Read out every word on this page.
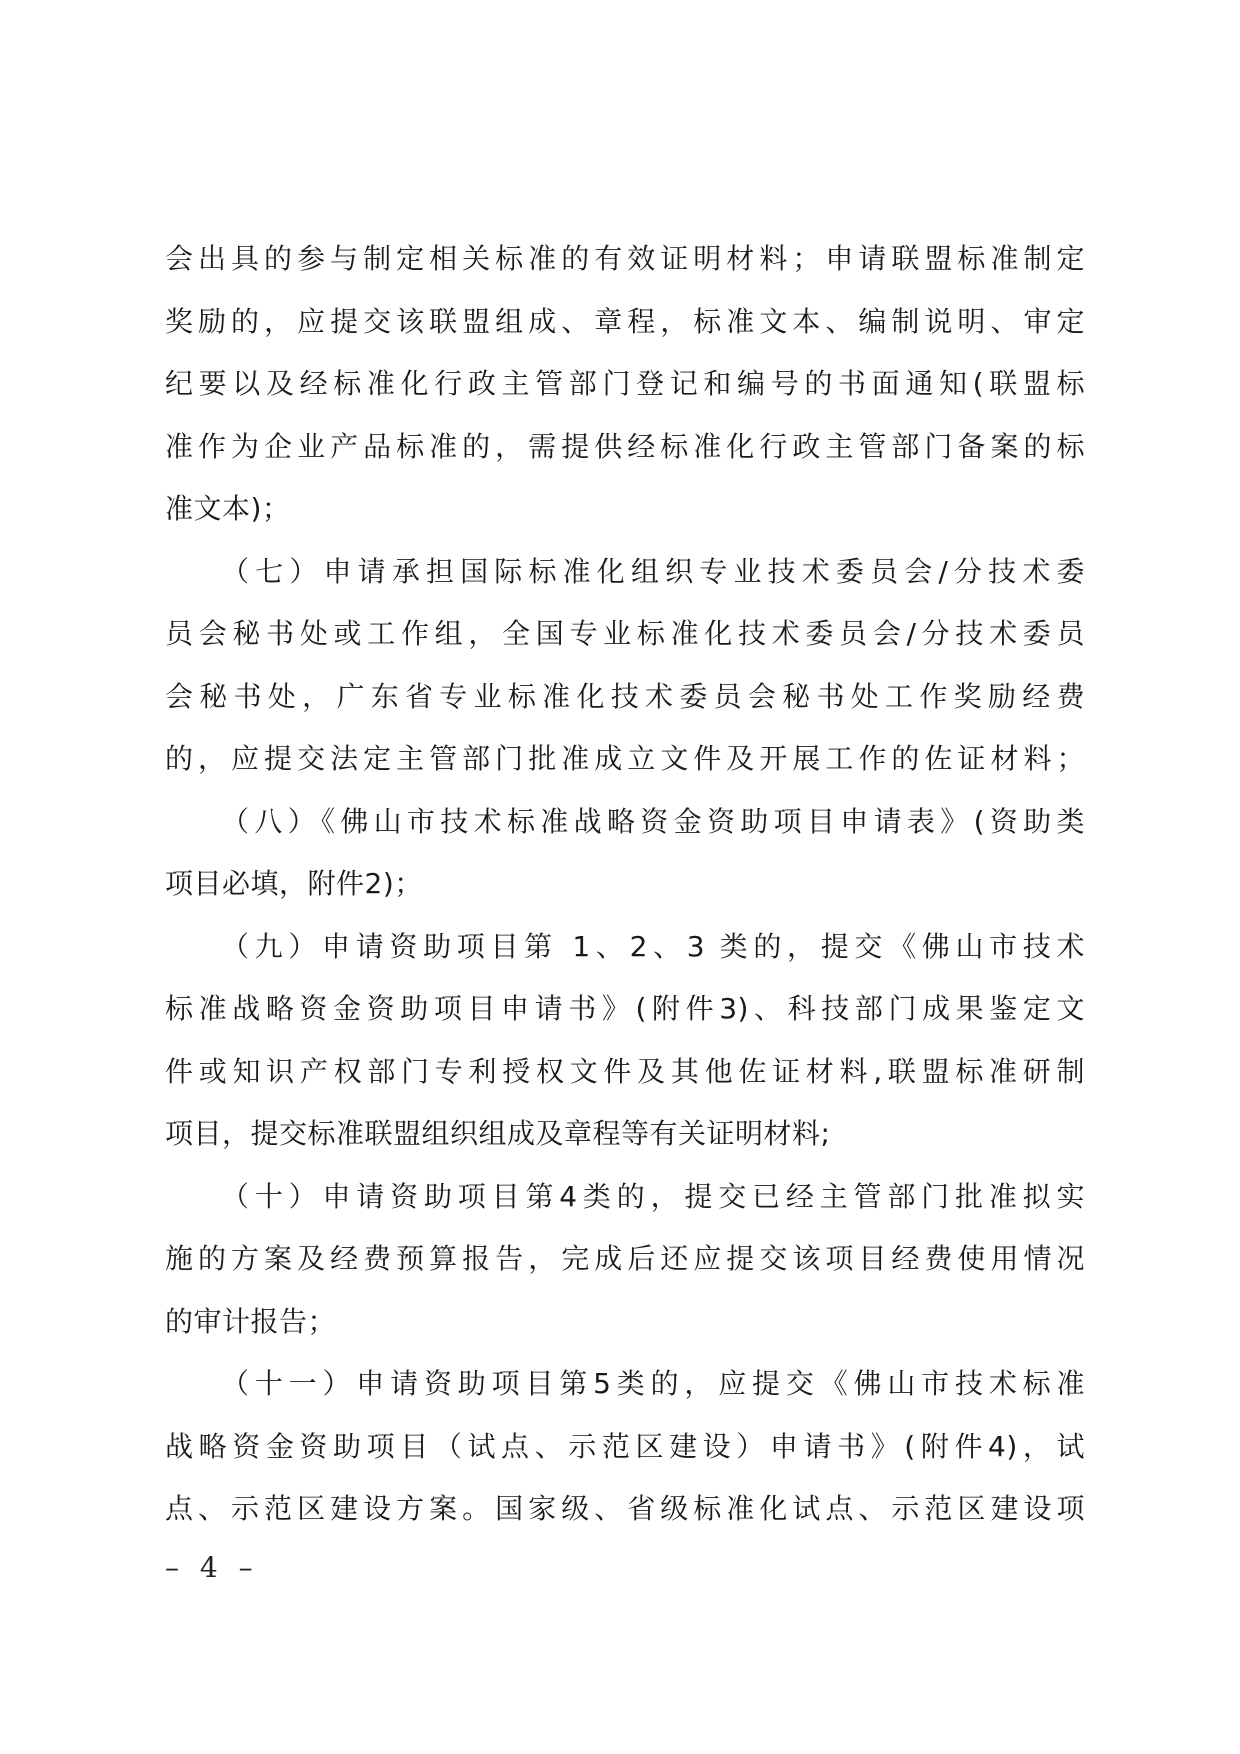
会出具的参与制定相关标准的有效证明材料；申请联盟标准制定
奖励的，应提交该联盟组成、章程，标准文本、编制说明、审定
纪要以及经标准化行政主管部门登记和编号的书面通知(联盟标
准作为企业产品标准的，需提供经标准化行政主管部门备案的标
准文本)；
（七）申请承担国际标准化组织专业技术委员会/分技术委
员会秘书处或工作组，全国专业标准化技术委员会/分技术委员
会秘书处，广东省专业标准化技术委员会秘书处工作奖励经费
的，应提交法定主管部门批准成立文件及开展工作的佐证材料；
（八）《佛山市技术标准战略资金资助项目申请表》(资助类
项目必填，附件2)；
（九）申请资助项目第 1、2、3 类的，提交《佛山市技术
标准战略资金资助项目申请书》(附件3)、科技部门成果鉴定文
件或知识产权部门专利授权文件及其他佐证材料,联盟标准研制
项目，提交标准联盟组织组成及章程等有关证明材料;
（十）申请资助项目第4类的，提交已经主管部门批准拟实
施的方案及经费预算报告，完成后还应提交该项目经费使用情况
的审计报告；
（十一）申请资助项目第5类的，应提交《佛山市技术标准
战略资金资助项目（试点、示范区建设）申请书》(附件4)，试
点、示范区建设方案。国家级、省级标准化试点、示范区建设项
– 4 –
